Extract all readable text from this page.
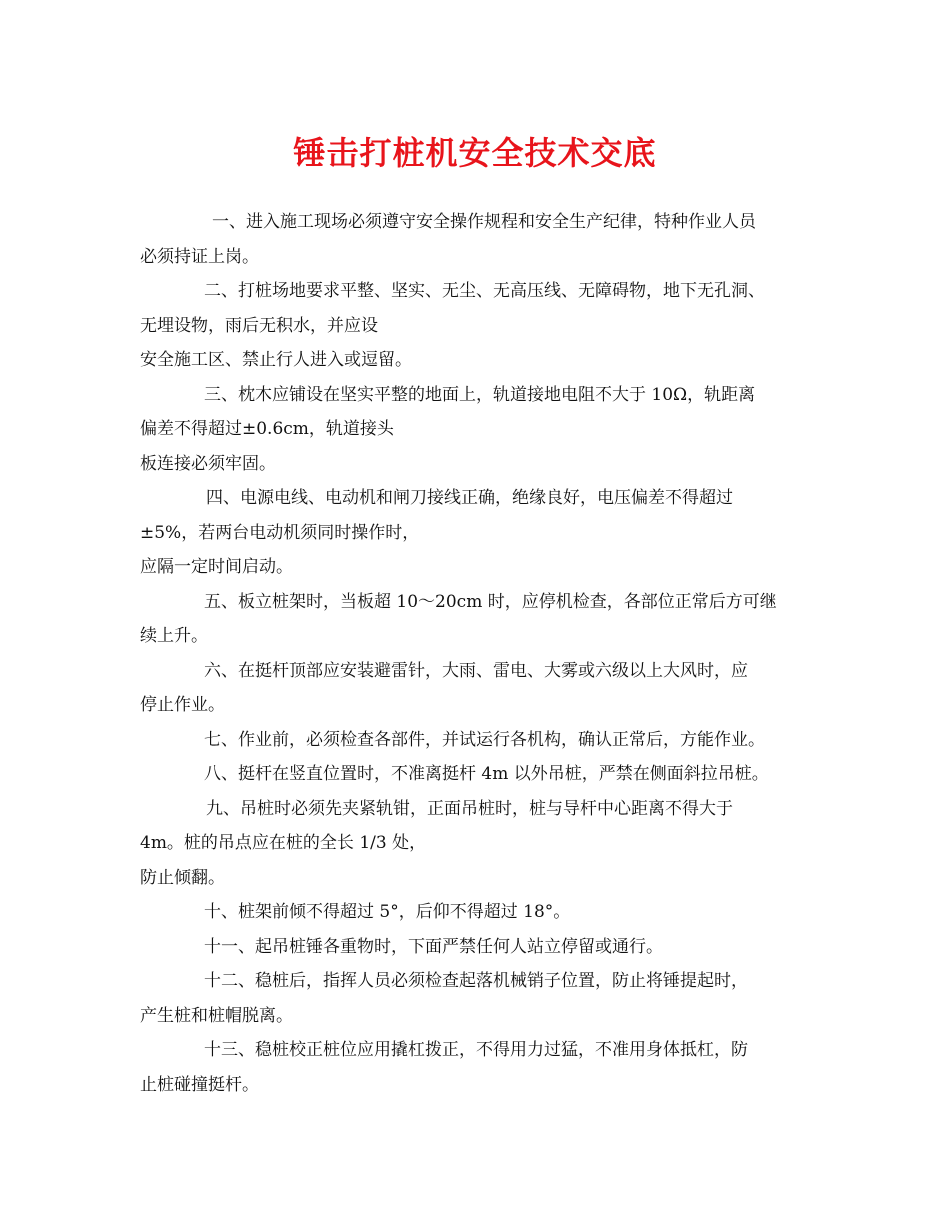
锤击打桩机安全技术交底

一、进入施工现场必须遵守安全操作规程和安全生产纪律，特种作业人员
必须持证上岗。

二、打桩场地要求平整、坚实、无尘、无高压线、无障碍物，地下无孔洞、
无埋设物，雨后无积水，并应设
安全施工区、禁止行人进入或逗留。

三、枕木应铺设在坚实平整的地面上，轨道接地电阻不大于 10Ω，轨距离
偏差不得超过±0.6cm，轨道接头
板连接必须牢固。

四、电源电线、电动机和闸刀接线正确，绝缘良好，电压偏差不得超过
±5%，若两台电动机须同时操作时，
应隔一定时间启动。

五、板立桩架时，当板超 10～20cm 时，应停机检查，各部位正常后方可继
续上升。

六、在挺杆顶部应安装避雷针，大雨、雷电、大雾或六级以上大风时，应
停止作业。

七、作业前，必须检查各部件，并试运行各机构，确认正常后，方能作业。

八、挺杆在竖直位置时，不准离挺杆 4m 以外吊桩，严禁在侧面斜拉吊桩。

九、吊桩时必须先夹紧轨钳，正面吊桩时，桩与导杆中心距离不得大于
4m。桩的吊点应在桩的全长 1/3 处，
防止倾翻。

十、桩架前倾不得超过 5°，后仰不得超过 18°。

十一、起吊桩锤各重物时，下面严禁任何人站立停留或通行。

十二、稳桩后，指挥人员必须检查起落机械销子位置，防止将锤提起时，
产生桩和桩帽脱离。

十三、稳桩校正桩位应用撬杠拨正，不得用力过猛，不准用身体抵杠，防
止桩碰撞挺杆。
